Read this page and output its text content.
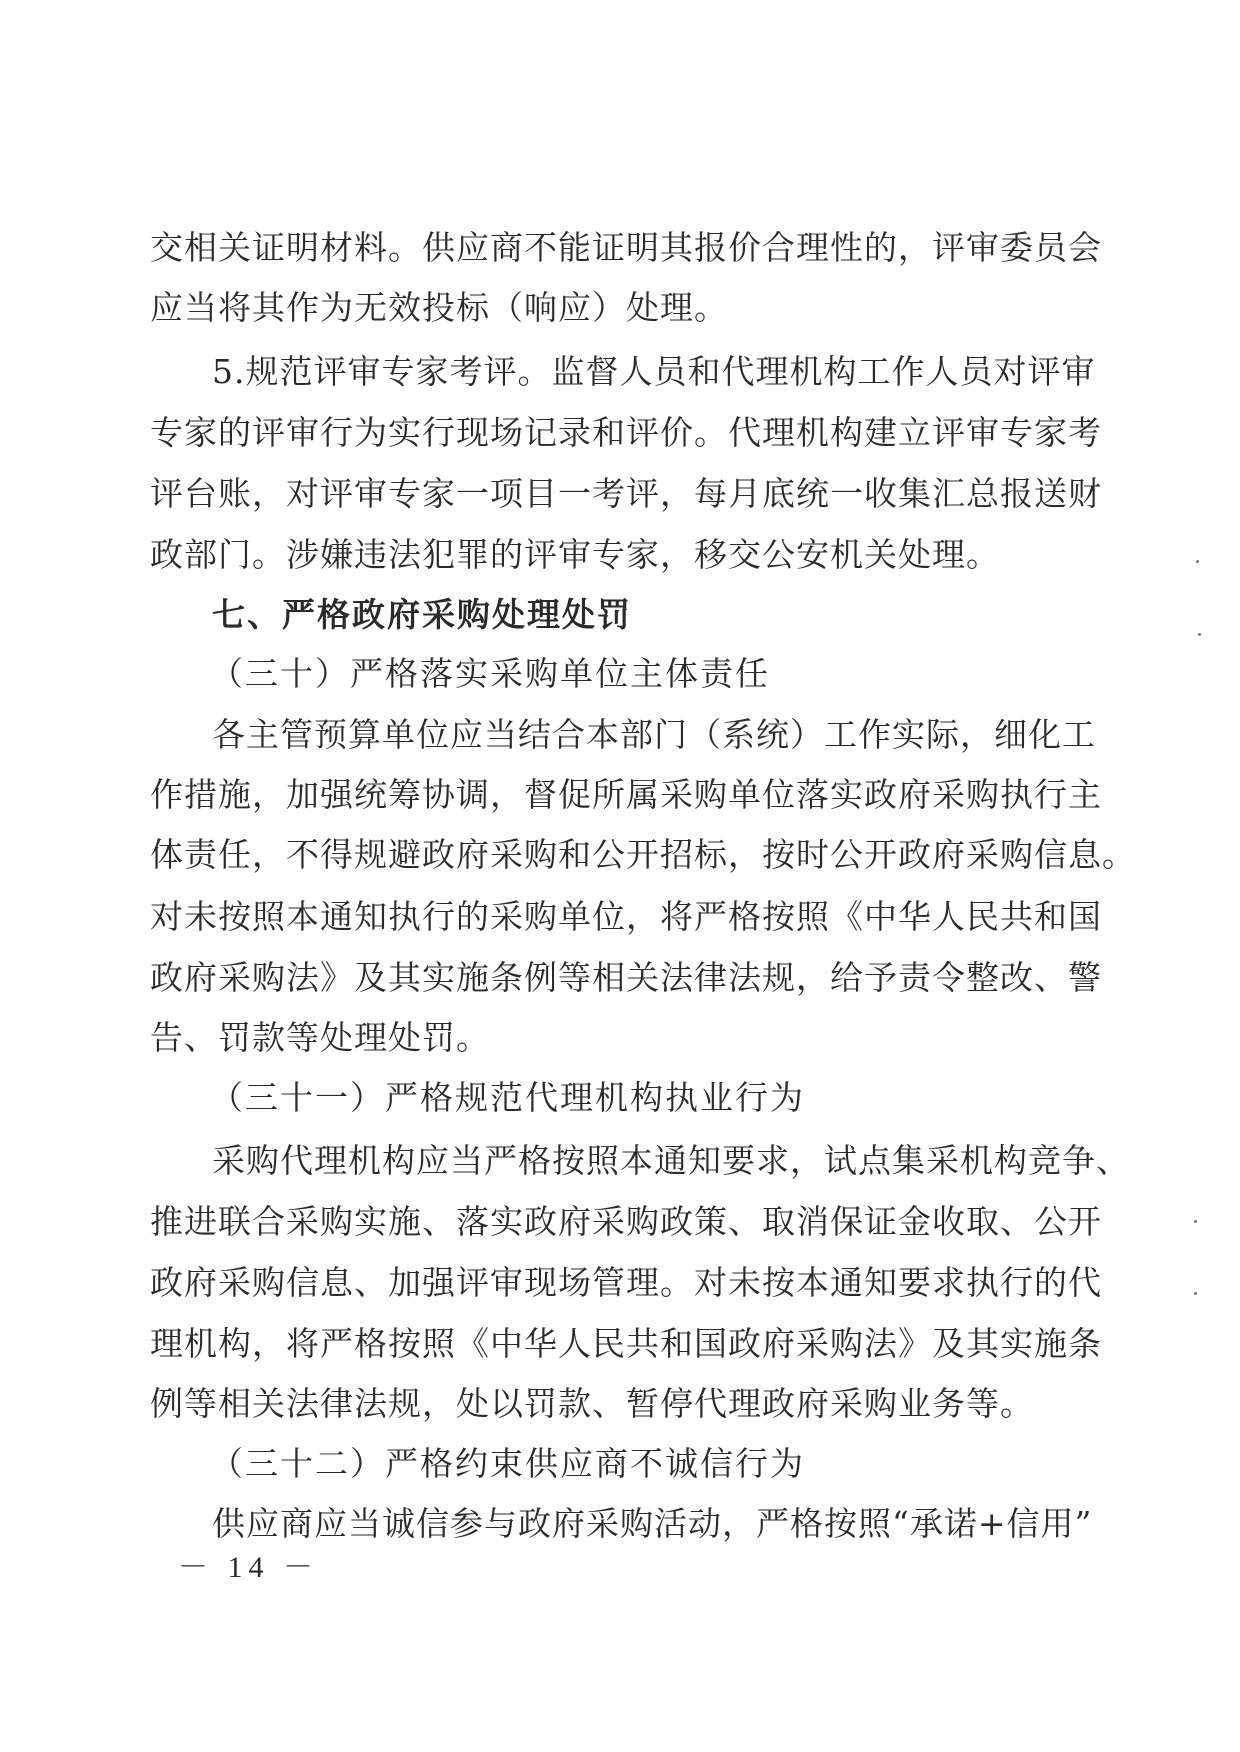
交相关证明材料。供应商不能证明其报价合理性的，评审委员会
应当将其作为无效投标（响应）处理。
5.规范评审专家考评。监督人员和代理机构工作人员对评审
专家的评审行为实行现场记录和评价。代理机构建立评审专家考
评台账，对评审专家一项目一考评，每月底统一收集汇总报送财
政部门。涉嫌违法犯罪的评审专家，移交公安机关处理。
七、严格政府采购处理处罚
（三十）严格落实采购单位主体责任
各主管预算单位应当结合本部门（系统）工作实际，细化工
作措施，加强统筹协调，督促所属采购单位落实政府采购执行主
体责任，不得规避政府采购和公开招标，按时公开政府采购信息。
对未按照本通知执行的采购单位，将严格按照《中华人民共和国
政府采购法》及其实施条例等相关法律法规，给予责令整改、警
告、罚款等处理处罚。
（三十一）严格规范代理机构执业行为
采购代理机构应当严格按照本通知要求，试点集采机构竞争、
推进联合采购实施、落实政府采购政策、取消保证金收取、公开
政府采购信息、加强评审现场管理。对未按本通知要求执行的代
理机构，将严格按照《中华人民共和国政府采购法》及其实施条
例等相关法律法规，处以罚款、暂停代理政府采购业务等。
（三十二）严格约束供应商不诚信行为
供应商应当诚信参与政府采购活动，严格按照“承诺+信用”
－ 14 －
